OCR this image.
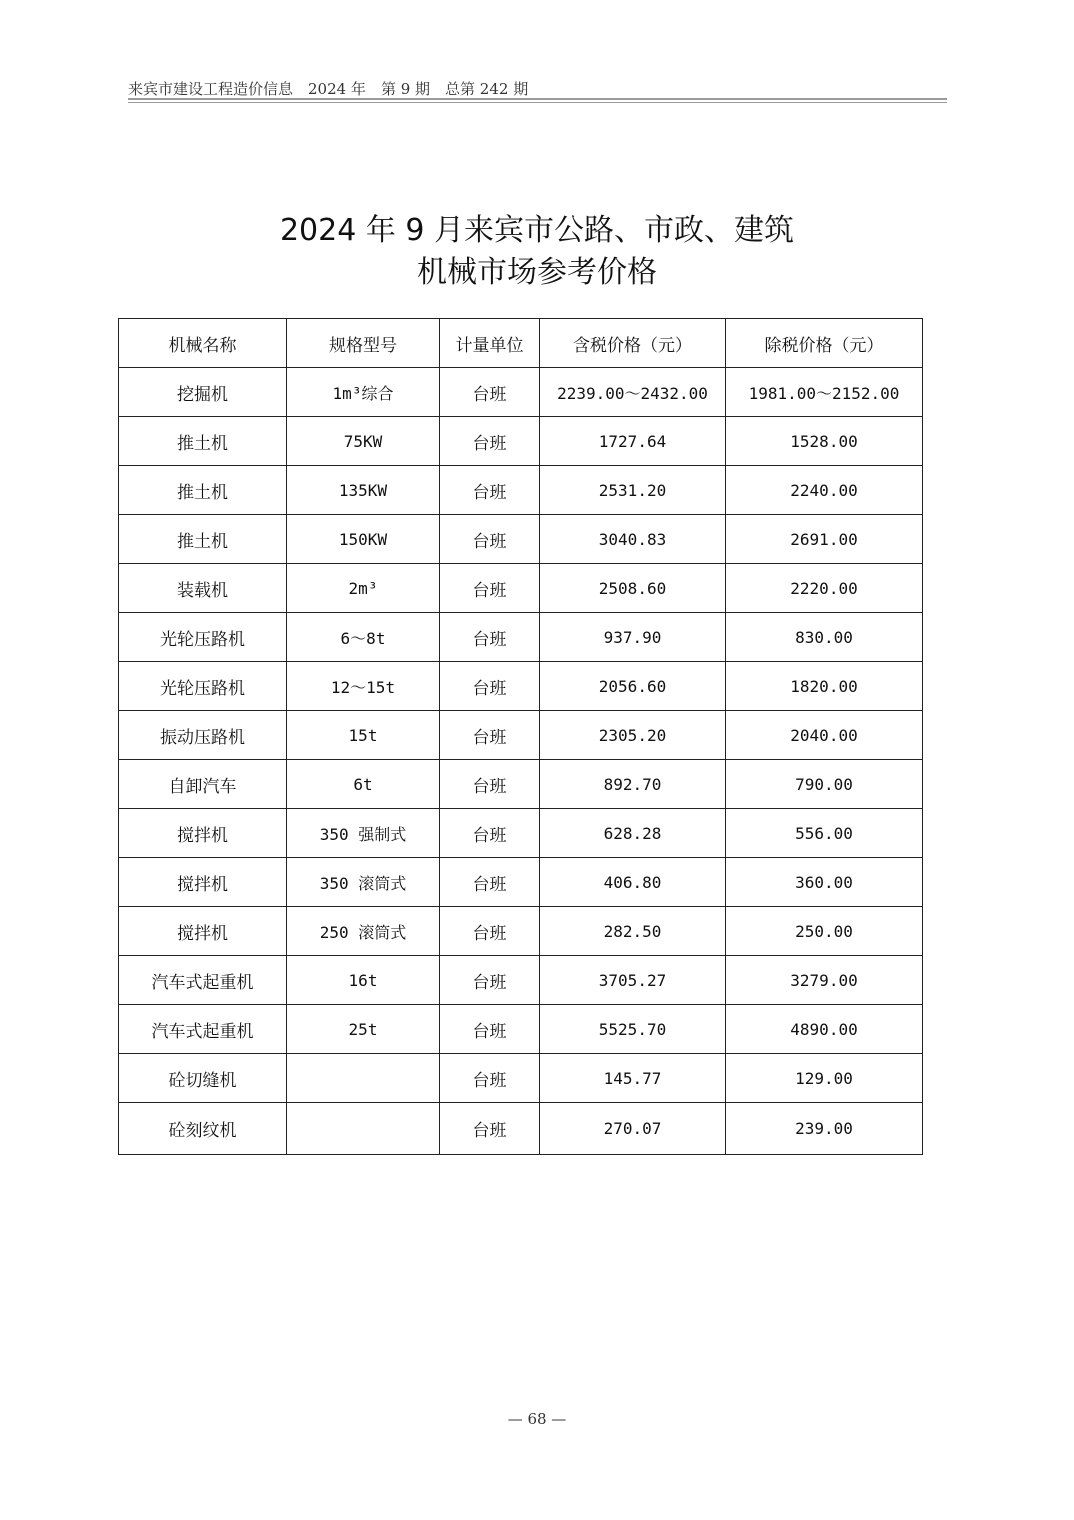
来宾市建设工程造价信息　2024 年　第 9 期　总第 242 期
2024 年 9 月来宾市公路、市政、建筑
机械市场参考价格
机械名称	规格型号	计量单位	含税价格（元）	除税价格（元）
挖掘机	1m³综合	台班	2239.00～2432.00	1981.00～2152.00
推土机	75KW	台班	1727.64	1528.00
推土机	135KW	台班	2531.20	2240.00
推土机	150KW	台班	3040.83	2691.00
装载机	2m³	台班	2508.60	2220.00
光轮压路机	6～8t	台班	937.90	830.00
光轮压路机	12～15t	台班	2056.60	1820.00
振动压路机	15t	台班	2305.20	2040.00
自卸汽车	6t	台班	892.70	790.00
搅拌机	350 强制式	台班	628.28	556.00
搅拌机	350 滚筒式	台班	406.80	360.00
搅拌机	250 滚筒式	台班	282.50	250.00
汽车式起重机	16t	台班	3705.27	3279.00
汽车式起重机	25t	台班	5525.70	4890.00
砼切缝机		台班	145.77	129.00
砼刻纹机		台班	270.07	239.00
— 68 —
